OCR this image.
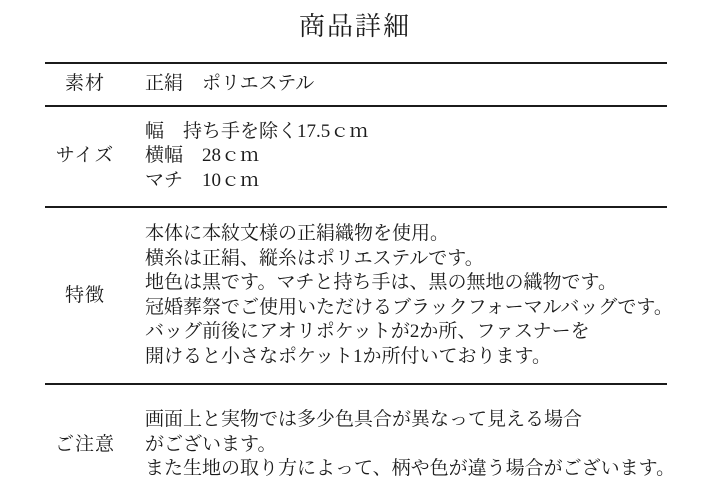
商品詳細
素材	正絹　ポリエステル
サイズ
幅　持ち手を除く17.5ｃｍ
横幅　28ｃｍ
マチ　10ｃｍ
特徴
本体に本紋文様の正絹織物を使用。
横糸は正絹、縦糸はポリエステルです。
地色は黒です。マチと持ち手は、黒の無地の織物です。
冠婚葬祭でご使用いただけるブラックフォーマルバッグです。
バッグ前後にアオリポケットが2か所、ファスナーを
開けると小さなポケット1か所付いております。
ご注意
画面上と実物では多少色具合が異なって見える場合
がございます。
また生地の取り方によって、柄や色が違う場合がございます。
